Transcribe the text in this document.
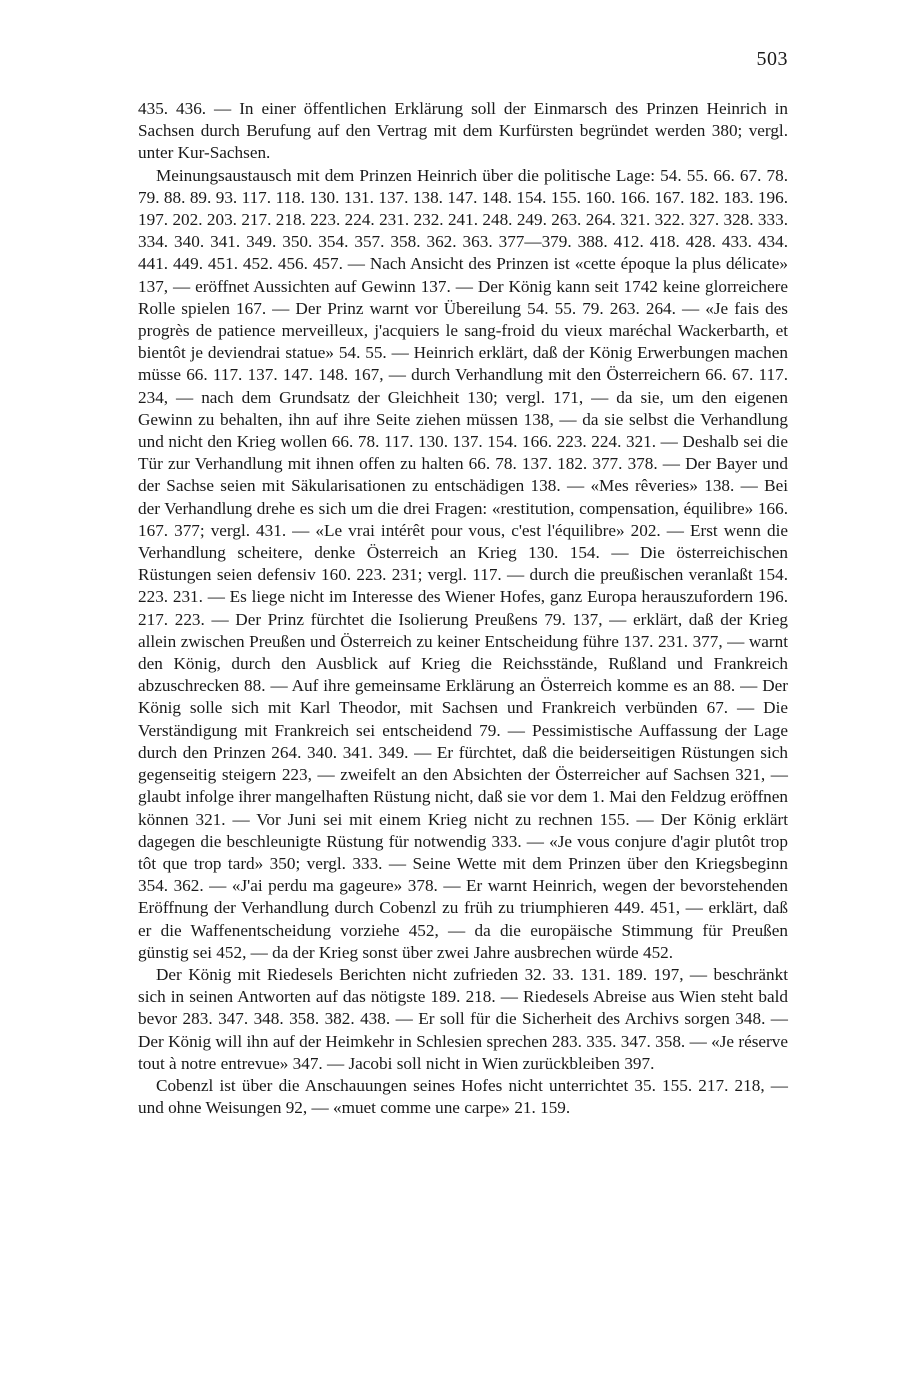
503

435. 436. — In einer öffentlichen Erklärung soll der Einmarsch des Prinzen Heinrich in Sachsen durch Berufung auf den Vertrag mit dem Kurfürsten begründet werden 380; vergl. unter Kur-Sachsen.

Meinungsaustausch mit dem Prinzen Heinrich über die politische Lage: 54. 55. 66. 67. 78. 79. 88. 89. 93. 117. 118. 130. 131. 137. 138. 147. 148. 154. 155. 160. 166. 167. 182. 183. 196. 197. 202. 203. 217. 218. 223. 224. 231. 232. 241. 248. 249. 263. 264. 321. 322. 327. 328. 333. 334. 340. 341. 349. 350. 354. 357. 358. 362. 363. 377—379. 388. 412. 418. 428. 433. 434. 441. 449. 451. 452. 456. 457. — Nach Ansicht des Prinzen ist «cette époque la plus délicate» 137, — eröffnet Aussichten auf Gewinn 137. — Der König kann seit 1742 keine glorreichere Rolle spielen 167. — Der Prinz warnt vor Übereilung 54. 55. 79. 263. 264. — «Je fais des progrès de patience merveilleux, j'acquiers le sang-froid du vieux maréchal Wackerbarth, et bientôt je deviendrai statue» 54. 55. — Heinrich erklärt, daß der König Erwerbungen machen müsse 66. 117. 137. 147. 148. 167, — durch Verhandlung mit den Österreichern 66. 67. 117. 234, — nach dem Grundsatz der Gleichheit 130; vergl. 171, — da sie, um den eigenen Gewinn zu behalten, ihn auf ihre Seite ziehen müssen 138, — da sie selbst die Verhandlung und nicht den Krieg wollen 66. 78. 117. 130. 137. 154. 166. 223. 224. 321. — Deshalb sei die Tür zur Verhandlung mit ihnen offen zu halten 66. 78. 137. 182. 377. 378. — Der Bayer und der Sachse seien mit Säkularisationen zu entschädigen 138. — «Mes rêveries» 138. — Bei der Verhandlung drehe es sich um die drei Fragen: «restitution, compensation, équilibre» 166. 167. 377; vergl. 431. — «Le vrai intérêt pour vous, c'est l'équilibre» 202. — Erst wenn die Verhandlung scheitere, denke Österreich an Krieg 130. 154. — Die österreichischen Rüstungen seien defensiv 160. 223. 231; vergl. 117. — durch die preußischen veranlaßt 154. 223. 231. — Es liege nicht im Interesse des Wiener Hofes, ganz Europa herauszufordern 196. 217. 223. — Der Prinz fürchtet die Isolierung Preußens 79. 137, — erklärt, daß der Krieg allein zwischen Preußen und Österreich zu keiner Entscheidung führe 137. 231. 377, — warnt den König, durch den Ausblick auf Krieg die Reichsstände, Rußland und Frankreich abzuschrecken 88. — Auf ihre gemeinsame Erklärung an Österreich komme es an 88. — Der König solle sich mit Karl Theodor, mit Sachsen und Frankreich verbünden 67. — Die Verständigung mit Frankreich sei entscheidend 79. — Pessimistische Auffassung der Lage durch den Prinzen 264. 340. 341. 349. — Er fürchtet, daß die beiderseitigen Rüstungen sich gegenseitig steigern 223, — zweifelt an den Absichten der Österreicher auf Sachsen 321, — glaubt infolge ihrer mangelhaften Rüstung nicht, daß sie vor dem 1. Mai den Feldzug eröffnen können 321. — Vor Juni sei mit einem Krieg nicht zu rechnen 155. — Der König erklärt dagegen die beschleunigte Rüstung für notwendig 333. — «Je vous conjure d'agir plutôt trop tôt que trop tard» 350; vergl. 333. — Seine Wette mit dem Prinzen über den Kriegsbeginn 354. 362. — «J'ai perdu ma gageure» 378. — Er warnt Heinrich, wegen der bevorstehenden Eröffnung der Verhandlung durch Cobenzl zu früh zu triumphieren 449. 451, — erklärt, daß er die Waffenentscheidung vorziehe 452, — da die europäische Stimmung für Preußen günstig sei 452, — da der Krieg sonst über zwei Jahre ausbrechen würde 452.

Der König mit Riedesels Berichten nicht zufrieden 32. 33. 131. 189. 197, — beschränkt sich in seinen Antworten auf das nötigste 189. 218. — Riedesels Abreise aus Wien steht bald bevor 283. 347. 348. 358. 382. 438. — Er soll für die Sicherheit des Archivs sorgen 348. — Der König will ihn auf der Heimkehr in Schlesien sprechen 283. 335. 347. 358. — «Je réserve tout à notre entrevue» 347. — Jacobi soll nicht in Wien zurückbleiben 397.

Cobenzl ist über die Anschauungen seines Hofes nicht unterrichtet 35. 155. 217. 218, — und ohne Weisungen 92, — «muet comme une carpe» 21. 159.
